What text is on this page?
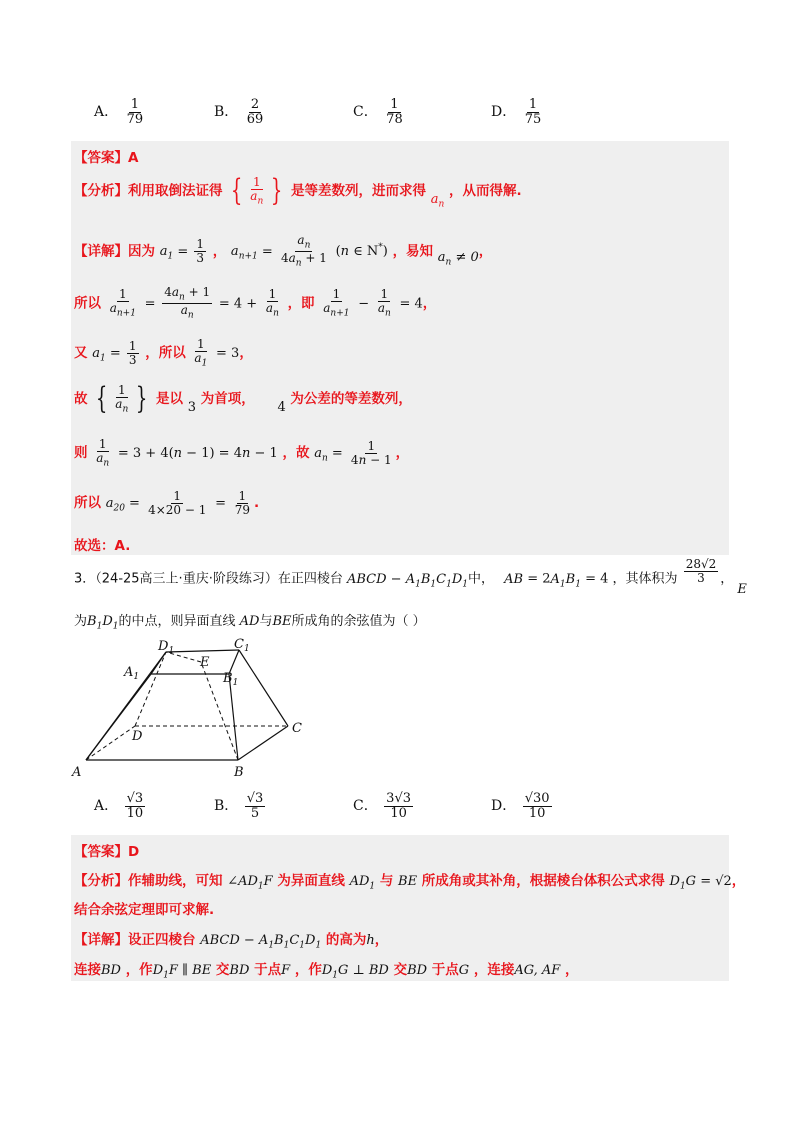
A． $\frac{1}{79}$	B． $\frac{2}{69}$	C． $\frac{1}{78}$	D． $\frac{1}{75}$
【答案】A
【分析】利用取倒法证得 { $\frac{1}{a_n}$ } 是等差数列，进而求得 $a_n$ ，从而得解.
【详解】因为 $a_1 = \frac{1}{3}$ ， $a_{n+1} = \frac{a_n}{4a_n + 1} (n$ ∈ N*) ，易知 $a_n \ne 0$，
所以 $\frac{1}{a_{n+1}} = \frac{4a_n + 1}{a_n} = 4 + \frac{1}{a_n}$ ，即 $\frac{1}{a_{n+1}} - \frac{1}{a_n} = 4$，
又 $a_1 = \frac{1}{3}$ ，所以 $\frac{1}{a_1} = 3$，
故 { $\frac{1}{a_n}$ } 是以 3 为首项， 4 为公差的等差数列，
则 $\frac{1}{a_n} = 3 + 4(n - 1) = 4n - 1$ ，故 $a_n = \frac{1}{4n - 1}$ ，
所以 $a_{20} = \frac{1}{4\times 20 - 1} = \frac{1}{79}$ .
故选：A.
3．（24-25高三上·重庆·阶段练习）在正四棱台 ABCD − $A_1B_1C_1D_1$中， AB = $2A_1B_1 = 4$ ，其体积为 $\frac{28√2}{3}$ ， E
为$B_1D_1$的中点，则异面直线 AD与BE所成角的余弦值为（ ）
$D_1$	$C_1$
$A_1$	$B_1$
E
D
C
A	B
A． $\frac{√3}{10}$	B． $\frac{√3}{5}$	C． $\frac{3√3}{10}$	D． $\frac{√30}{10}$
【答案】D
【分析】作辅助线，可知 $\angle AD_1F$ 为异面直线 $AD_1$ 与 BE 所成角或其补角，根据棱台体积公式求得 $D_1G = √2$，
结合余弦定理即可求解.
【详解】设正四棱台 ABCD − $A_1B_1C_1D_1$ 的高为h，
连接BD ，作$D_1F$ ∥ BE 交BD 于点F ，作$D_1G$ ⊥ BD 交BD 于点G ，连接AG, AF ，
